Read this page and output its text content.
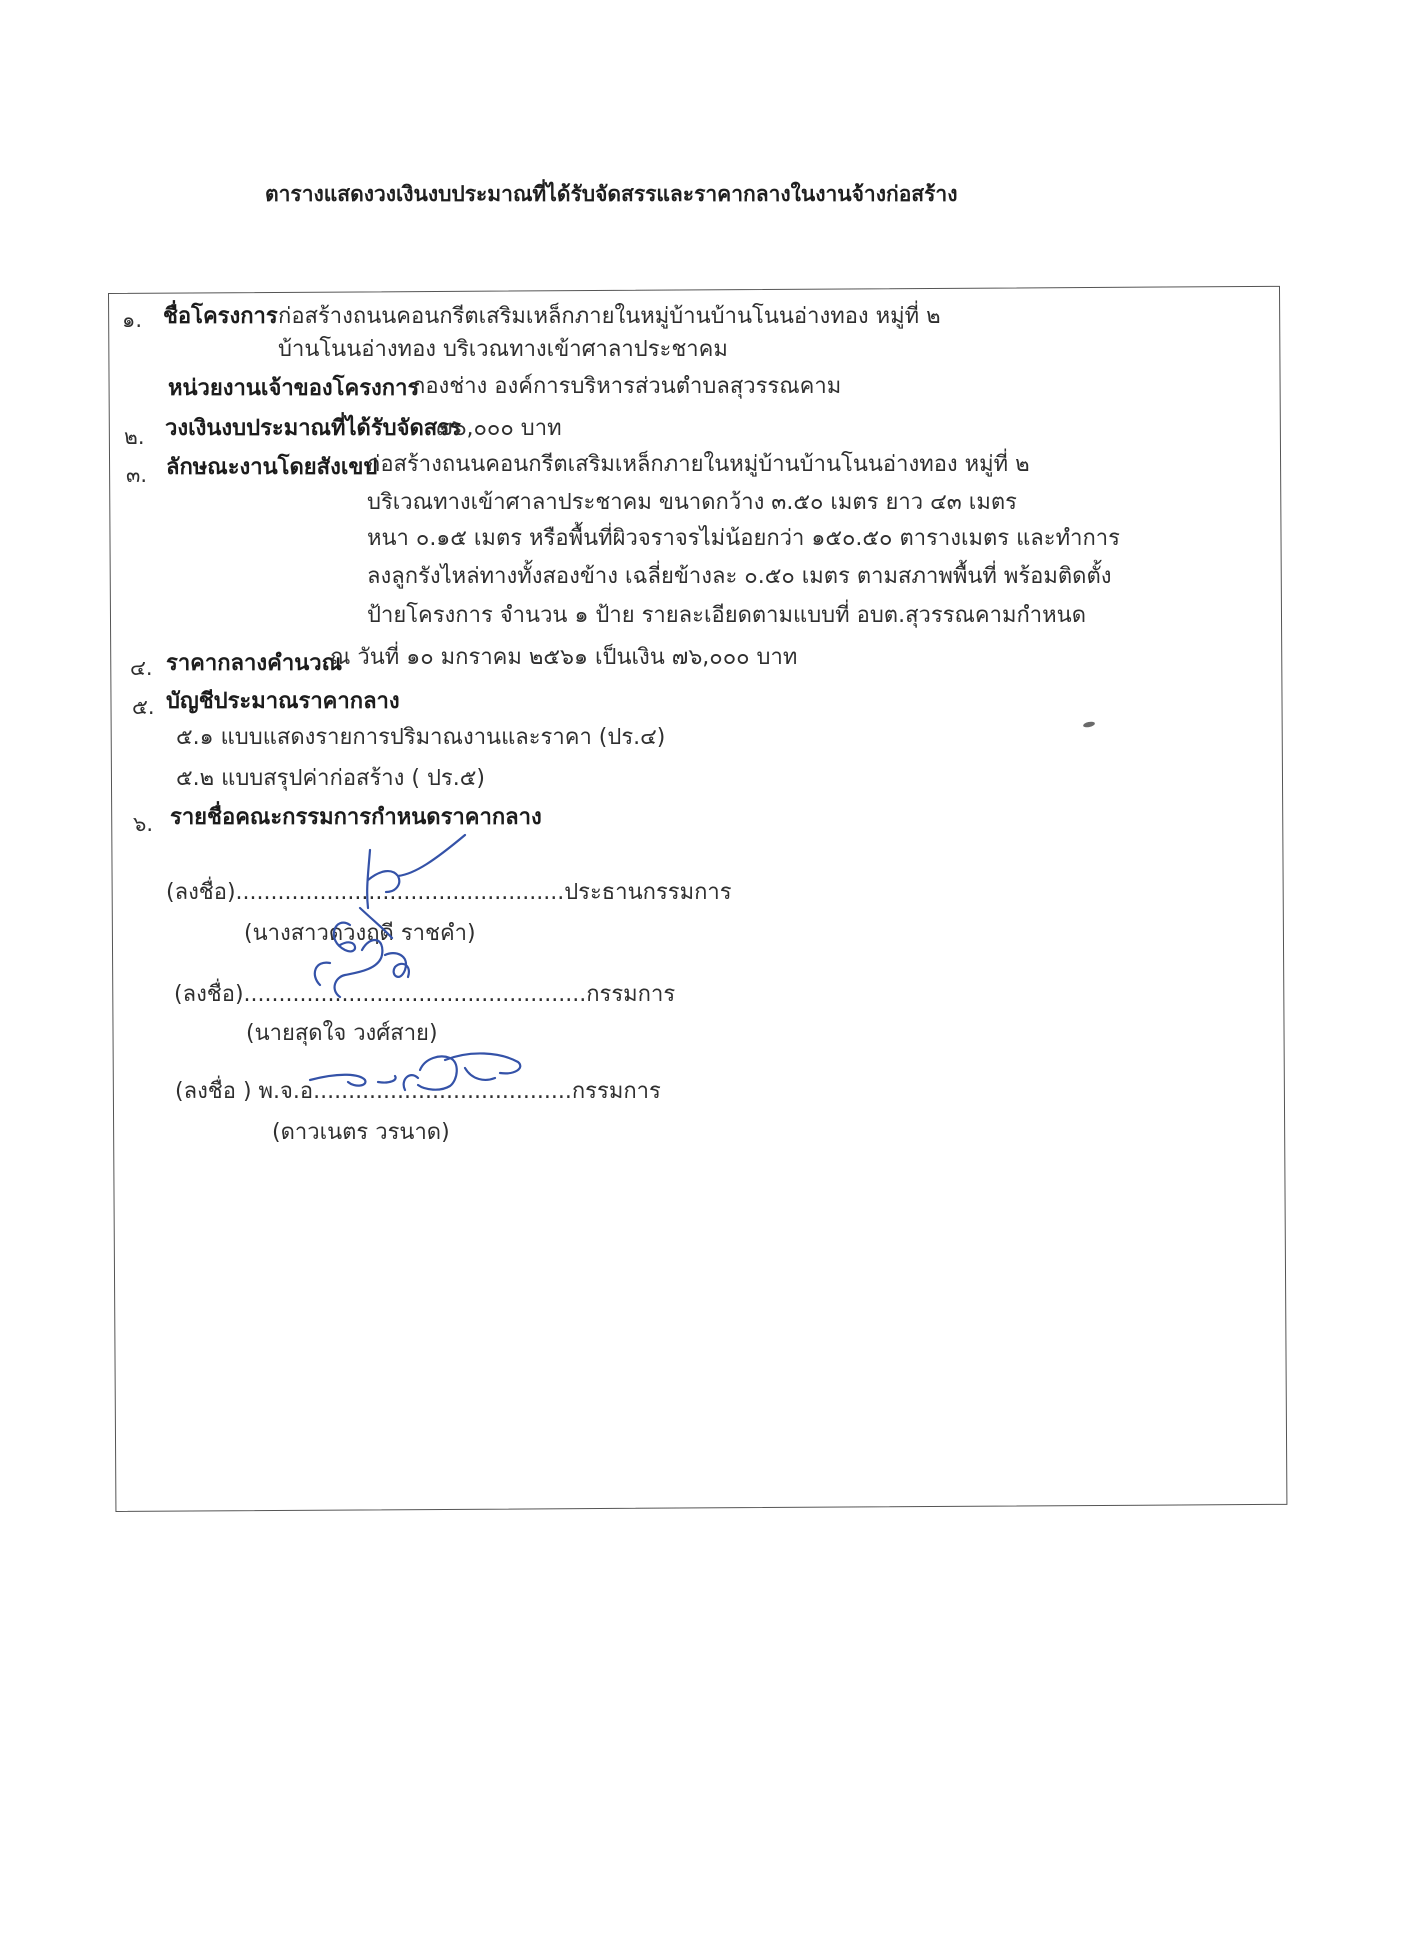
ตารางแสดงวงเงินงบประมาณที่ได้รับจัดสรรและราคากลางในงานจ้างก่อสร้าง
๑. ชื่อโครงการ ก่อสร้างถนนคอนกรีตเสริมเหล็กภายในหมู่บ้านบ้านโนนอ่างทอง หมู่ที่ ๒
บ้านโนนอ่างทอง บริเวณทางเข้าศาลาประชาคม
หน่วยงานเจ้าของโครงการ
กองช่าง องค์การบริหารส่วนตำบลสุวรรณคาม
๒. วงเงินงบประมาณที่ได้รับจัดสรร
๗๖,๐๐๐ บาท
๓. ลักษณะงานโดยสังเขป
ก่อสร้างถนนคอนกรีตเสริมเหล็กภายในหมู่บ้านบ้านโนนอ่างทอง หมู่ที่ ๒
บริเวณทางเข้าศาลาประชาคม ขนาดกว้าง ๓.๕๐ เมตร ยาว ๔๓ เมตร
หนา ๐.๑๕ เมตร หรือพื้นที่ผิวจราจรไม่น้อยกว่า ๑๕๐.๕๐ ตารางเมตร และทำการ
ลงลูกรังไหล่ทางทั้งสองข้าง เฉลี่ยข้างละ ๐.๕๐ เมตร ตามสภาพพื้นที่ พร้อมติดตั้ง
ป้ายโครงการ จำนวน ๑ ป้าย รายละเอียดตามแบบที่ อบต.สุวรรณคามกำหนด
๔. ราคากลางคำนวณ
ณ วันที่ ๑๐ มกราคม ๒๕๖๑ เป็นเงิน ๗๖,๐๐๐ บาท
๕. บัญชีประมาณราคากลาง
๕.๑ แบบแสดงรายการปริมาณงานและราคา (ปร.๔)
๕.๒ แบบสรุปค่าก่อสร้าง ( ปร.๕)
๖. รายชื่อคณะกรรมการกำหนดราคากลาง
(ลงชื่อ)...............................................ประธานกรรมการ
(นางสาวดวงฤดี ราชคำ)
(ลงชื่อ).................................................กรรมการ
(นายสุดใจ วงศ์สาย)
(ลงชื่อ ) พ.จ.อ.....................................กรรมการ
(ดาวเนตร วรนาด)
